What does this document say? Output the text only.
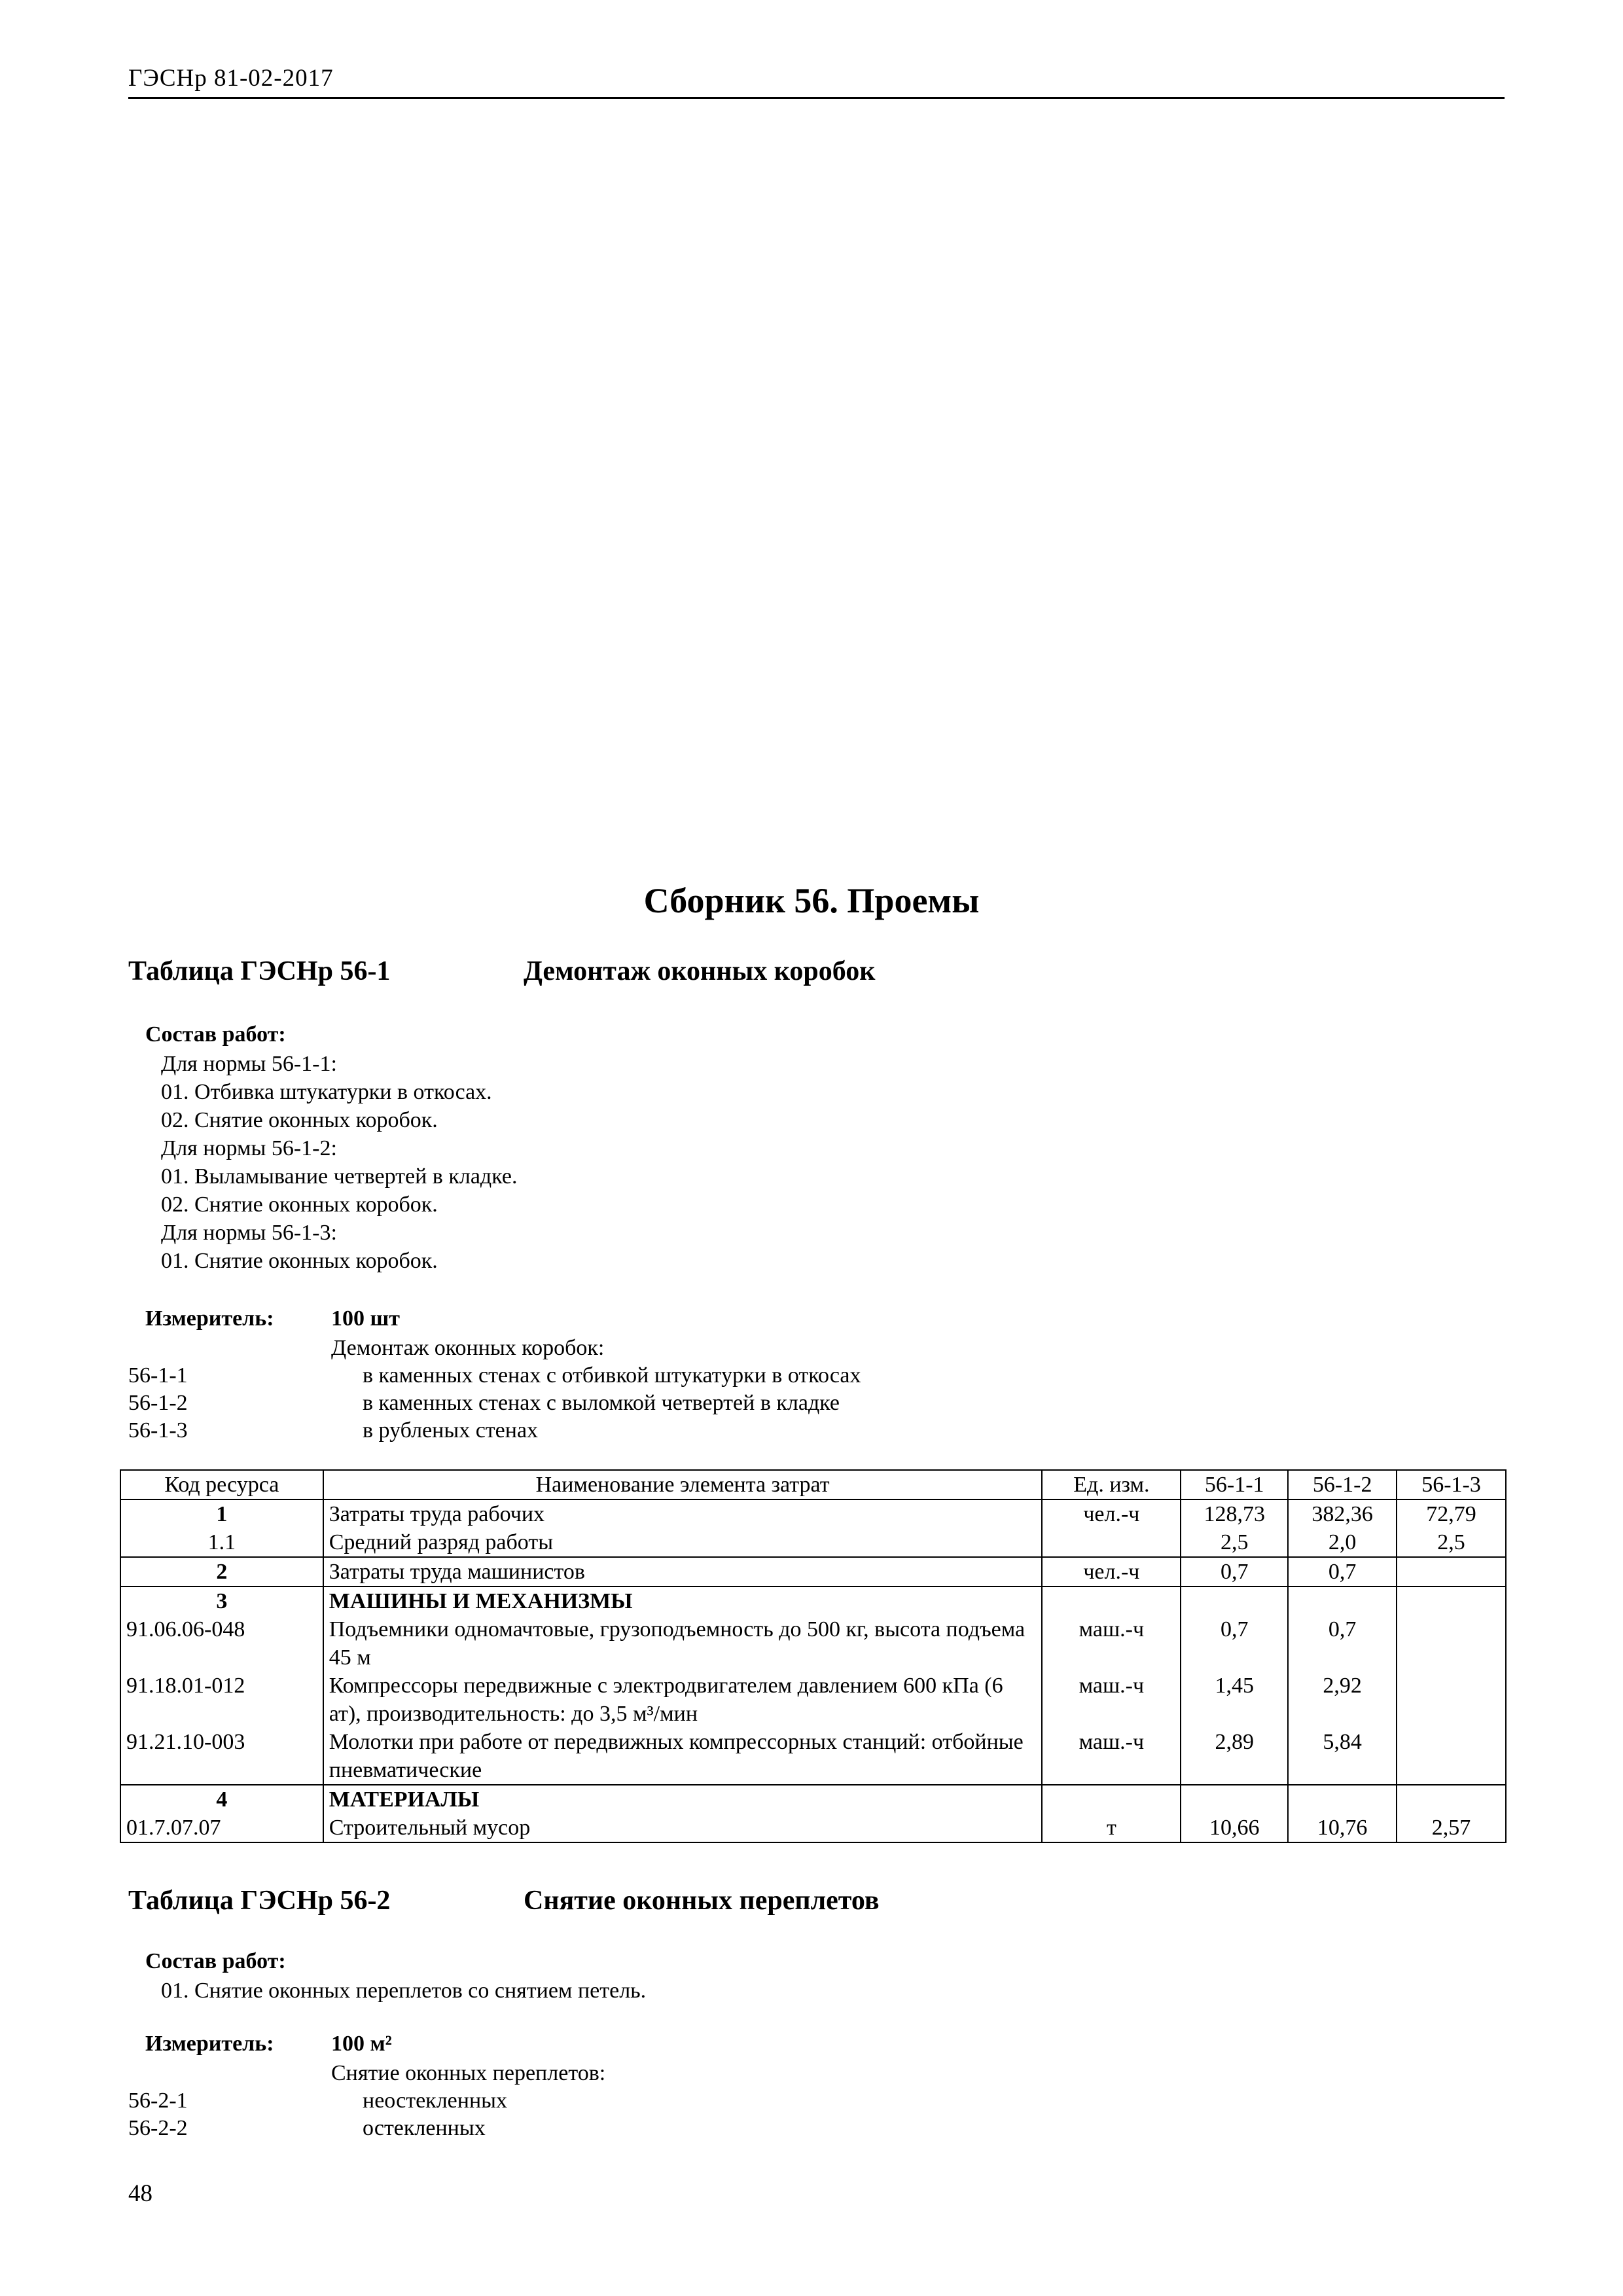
ГЭСНр 81-02-2017
Сборник 56. Проемы
Таблица ГЭСНр 56-1	Демонтаж оконных коробок
Состав работ:
Для нормы 56-1-1:
01. Отбивка штукатурки в откосах.
02. Снятие оконных коробок.
Для нормы 56-1-2:
01. Выламывание четвертей в кладке.
02. Снятие оконных коробок.
Для нормы 56-1-3:
01. Снятие оконных коробок.
Измеритель:	100 шт
Демонтаж оконных коробок:
56-1-1	в каменных стенах с отбивкой штукатурки в откосах
56-1-2	в каменных стенах с выломкой четвертей в кладке
56-1-3	в рубленых стенах
Код ресурса	Наименование элемента затрат	Ед. изм.	56-1-1	56-1-2	56-1-3
1	Затраты труда рабочих	чел.-ч	128,73	382,36	72,79
1.1	Средний разряд работы		2,5	2,0	2,5
2	Затраты труда машинистов	чел.-ч	0,7	0,7	
3	МАШИНЫ И МЕХАНИЗМЫ				
91.06.06-048	Подъемники одномачтовые, грузоподъемность до 500 кг, высота подъема 45 м	маш.-ч	0,7	0,7	
91.18.01-012	Компрессоры передвижные с электродвигателем давлением 600 кПа (6 ат), производительность: до 3,5 м³/мин	маш.-ч	1,45	2,92	
91.21.10-003	Молотки при работе от передвижных компрессорных станций: отбойные пневматические	маш.-ч	2,89	5,84	
4	МАТЕРИАЛЫ				
01.7.07.07	Строительный мусор	т	10,66	10,76	2,57
Таблица ГЭСНр 56-2	Снятие оконных переплетов
Состав работ:
01. Снятие оконных переплетов со снятием петель.
Измеритель:	100 м²
Снятие оконных переплетов:
56-2-1	неостекленных
56-2-2	остекленных
48
